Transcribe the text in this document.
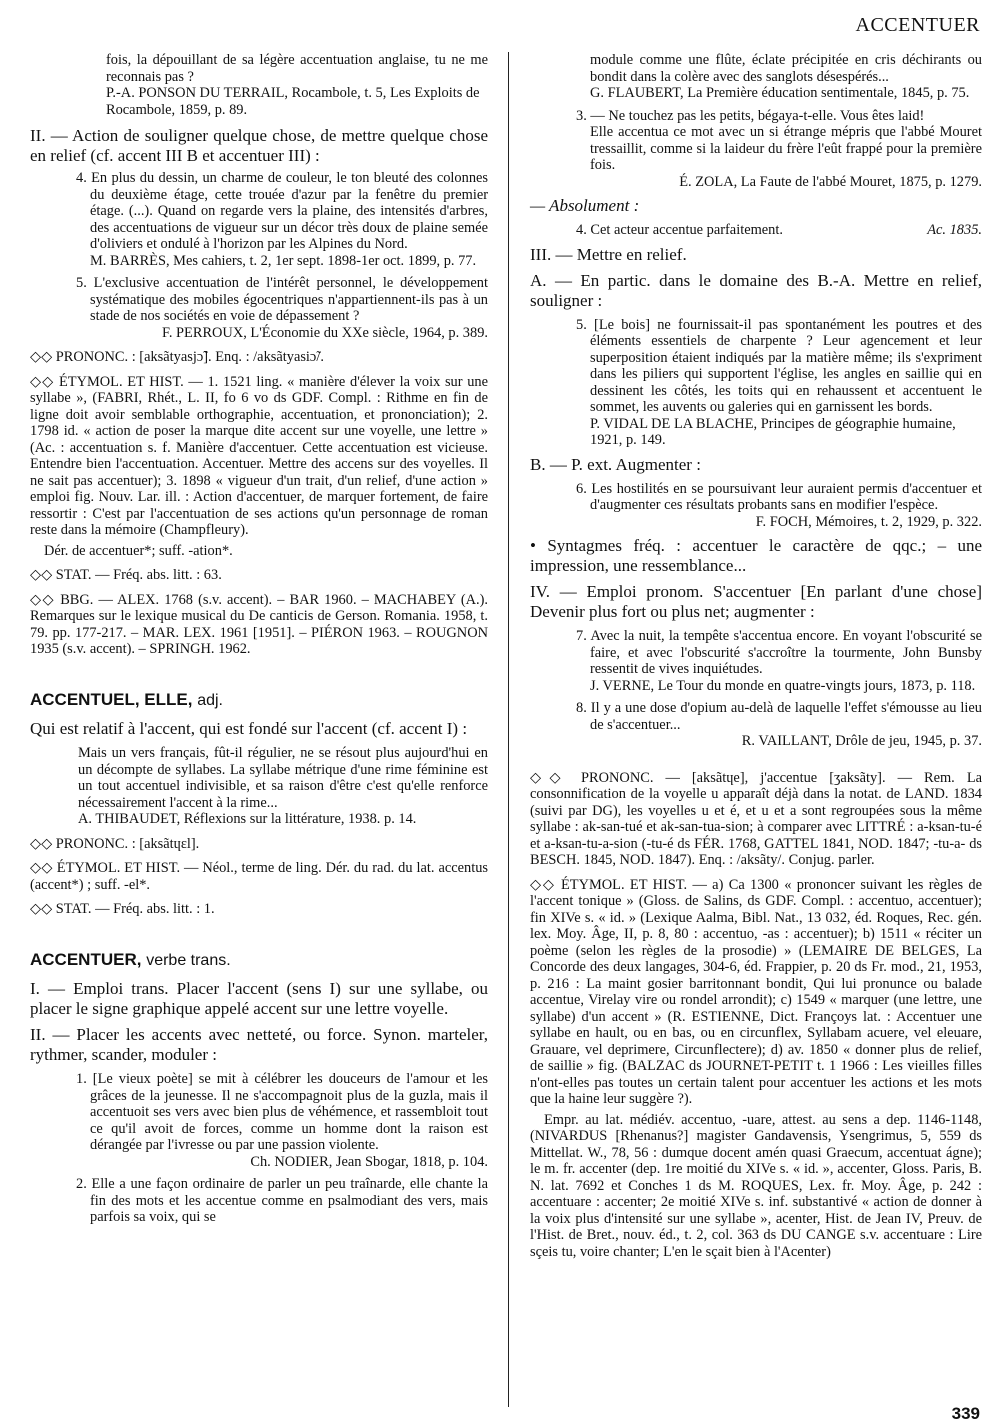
ACCENTUER

fois, la dépouillant de sa légère accentuation anglaise, tu ne me reconnais pas ?

P.-A. PONSON DU TERRAIL, Rocambole, t. 5, Les Exploits de Rocambole, 1859, p. 89.

II. — Action de souligner quelque chose, de mettre quelque chose en relief (cf. accent III B et accentuer III) :

4. En plus du dessin, un charme de couleur, le ton bleuté des colonnes du deuxième étage, cette trouée d'azur par la fenêtre du premier étage. (...). Quand on regarde vers la plaine, des intensités d'arbres, des accentuations de vigueur sur un décor très doux de plaine semée d'oliviers et ondulé à l'horizon par les Alpines du Nord.

M. BARRÈS, Mes cahiers, t. 2, 1er sept. 1898-1er oct. 1899, p. 77.

5. L'exclusive accentuation de l'intérêt personnel, le développement systématique des mobiles égocentriques n'appartiennent-ils pas à un stade de nos sociétés en voie de dépassement ?

F. PERROUX, L'Économie du XXe siècle, 1964, p. 389.

◇◇ PRONONC. : [aksãtyasjɔ̃]. Enq. : /aksãtyasiɔ̃/.

◇◇ ÉTYMOL. ET HIST. — 1. 1521 ling. « manière d'élever la voix sur une syllabe », (FABRI, Rhét., L. II, fo 6 vo ds GDF. Compl. : Rithme en fin de ligne doit avoir semblable orthographie, accentuation, et prononciation); 2. 1798 id. « action de poser la marque dite accent sur une voyelle, une lettre » (Ac. : accentuation s. f. Manière d'accentuer. Cette accentuation est vicieuse. Entendre bien l'accentuation. Accentuer. Mettre des accens sur des voyelles. Il ne sait pas accentuer); 3. 1898 « vigueur d'un trait, d'un relief, d'une action » emploi fig. Nouv. Lar. ill. : Action d'accentuer, de marquer fortement, de faire ressortir : C'est par l'accentuation de ses actions qu'un personnage de roman reste dans la mémoire (Champfleury).

Dér. de accentuer*; suff. -ation*.

◇◇ STAT. — Fréq. abs. litt. : 63.

◇◇ BBG. — ALEX. 1768 (s.v. accent). – BAR 1960. – MACHABEY (A.). Remarques sur le lexique musical du De canticis de Gerson. Romania. 1958, t. 79. pp. 177-217. – MAR. LEX. 1961 [1951]. – PIÉRON 1963. – ROUGNON 1935 (s.v. accent). – SPRINGH. 1962.

ACCENTUEL, ELLE, adj.

Qui est relatif à l'accent, qui est fondé sur l'accent (cf. accent I) :

Mais un vers français, fût-il régulier, ne se résout plus aujourd'hui en un décompte de syllabes. La syllabe métrique d'une rime féminine est un tout accentuel indivisible, et sa raison d'être c'est qu'elle renforce nécessairement l'accent à la rime...

A. THIBAUDET, Réflexions sur la littérature, 1938. p. 14.

◇◇ PRONONC. : [aksãtɥɛl].

◇◇ ÉTYMOL. ET HIST. — Néol., terme de ling. Dér. du rad. du lat. accentus (accent*) ; suff. -el*.

◇◇ STAT. — Fréq. abs. litt. : 1.

ACCENTUER, verbe trans.

I. — Emploi trans. Placer l'accent (sens I) sur une syllabe, ou placer le signe graphique appelé accent sur une lettre voyelle.

II. — Placer les accents avec netteté, ou force. Synon. marteler, rythmer, scander, moduler :

1. [Le vieux poète] se mit à célébrer les douceurs de l'amour et les grâces de la jeunesse. Il ne s'accompagnoit plus de la guzla, mais il accentuoit ses vers avec bien plus de véhémence, et rassembloit tout ce qu'il avoit de forces, comme un homme dont la raison est dérangée par l'ivresse ou par une passion violente.

Ch. NODIER, Jean Sbogar, 1818, p. 104.

2. Elle a une façon ordinaire de parler un peu traînarde, elle chante la fin des mots et les accentue comme en psalmodiant des vers, mais parfois sa voix, qui se

module comme une flûte, éclate précipitée en cris déchirants ou bondit dans la colère avec des sanglots désespérés...

G. FLAUBERT, La Première éducation sentimentale, 1845, p. 75.

3. — Ne touchez pas les petits, bégaya-t-elle. Vous êtes laid!

Elle accentua ce mot avec un si étrange mépris que l'abbé Mouret tressaillit, comme si la laideur du frère l'eût frappé pour la première fois.

É. ZOLA, La Faute de l'abbé Mouret, 1875, p. 1279.

— Absolument :

4. Cet acteur accentue parfaitement.	Ac. 1835.

III. — Mettre en relief.

A. — En partic. dans le domaine des B.-A. Mettre en relief, souligner :

5. [Le bois] ne fournissait-il pas spontanément les poutres et des éléments essentiels de charpente ? Leur agencement et leur superposition étaient indiqués par la matière même; ils s'expriment dans les piliers qui supportent l'église, les angles en saillie qui en dessinent les côtés, les toits qui en rehaussent et accentuent le sommet, les auvents ou galeries qui en garnissent les bords.

P. VIDAL DE LA BLACHE, Principes de géographie humaine, 1921, p. 149.

B. — P. ext. Augmenter :

6. Les hostilités en se poursuivant leur auraient permis d'accentuer et d'augmenter ces résultats probants sans en modifier l'espèce.

F. FOCH, Mémoires, t. 2, 1929, p. 322.

• Syntagmes fréq. : accentuer le caractère de qqc.; – une impression, une ressemblance...

IV. — Emploi pronom. S'accentuer [En parlant d'une chose] Devenir plus fort ou plus net; augmenter :

7. Avec la nuit, la tempête s'accentua encore. En voyant l'obscurité se faire, et avec l'obscurité s'accroître la tourmente, John Bunsby ressentit de vives inquiétudes.

J. VERNE, Le Tour du monde en quatre-vingts jours, 1873, p. 118.

8. Il y a une dose d'opium au-delà de laquelle l'effet s'émousse au lieu de s'accentuer...

R. VAILLANT, Drôle de jeu, 1945, p. 37.

◇◇ PRONONC. — [aksãtɥe], j'accentue [ʒaksãty]. — Rem. La consonnification de la voyelle u apparaît déjà dans la notat. de LAND. 1834 (suivi par DG), les voyelles u et é, et u et a sont regroupées sous la même syllabe : ak-san-tué et ak-san-tua-sion; à comparer avec LITTRÉ : a-ksan-tu-é et a-ksan-tu-a-sion (-tu-é ds FÉR. 1768, GATTEL 1841, NOD. 1847; -tu-a- ds BESCH. 1845, NOD. 1847). Enq. : /aksãty/. Conjug. parler.

◇◇ ÉTYMOL. ET HIST. — a) Ca 1300 « prononcer suivant les règles de l'accent tonique » (Gloss. de Salins, ds GDF. Compl. : accentuo, accentuer); fin XIVe s. « id. » (Lexique Aalma, Bibl. Nat., 13 032, éd. Roques, Rec. gén. lex. Moy. Âge, II, p. 8, 80 : accentuo, -as : accentuer); b) 1511 « réciter un poème (selon les règles de la prosodie) » (LEMAIRE DE BELGES, La Concorde des deux langages, 304-6, éd. Frappier, p. 20 ds Fr. mod., 21, 1953, p. 216 : La maint gosier barritonnant bondit, Qui lui pronunce ou balade accentue, Virelay vire ou rondel arrondit); c) 1549 « marquer (une lettre, une syllabe) d'un accent » (R. ESTIENNE, Dict. Françoys lat. : Accentuer une syllabe en hault, ou en bas, ou en circunflex, Syllabam acuere, vel eleuare, Grauare, vel deprimere, Circunflectere); d) av. 1850 « donner plus de relief, de saillie » fig. (BALZAC ds JOURNET-PETIT t. 1 1966 : Les vieilles filles n'ont-elles pas toutes un certain talent pour accentuer les actions et les mots que la haine leur suggère ?).

Empr. au lat. médiév. accentuo, -uare, attest. au sens a dep. 1146-1148, (NIVARDUS [Rhenanus?] magister Gandavensis, Ysengrimus, 5, 559 ds Mittellat. W., 78, 56 : dumque docent amén quasi Graecum, accentuat ágne); le m. fr. accenter (dep. 1re moitié du XIVe s. « id. », accenter, Gloss. Paris, B. N. lat. 7692 et Conches 1 ds M. ROQUES, Lex. fr. Moy. Âge, p. 242 : accentuare : accenter; 2e moitié XIVe s. inf. substantivé « action de donner à la voix plus d'intensité sur une syllabe », acenter, Hist. de Jean IV, Preuv. de l'Hist. de Bret., nouv. éd., t. 2, col. 363 ds DU CANGE s.v. accentuare : Lire sçeis tu, voire chanter; L'en le sçait bien à l'Acenter)

339
